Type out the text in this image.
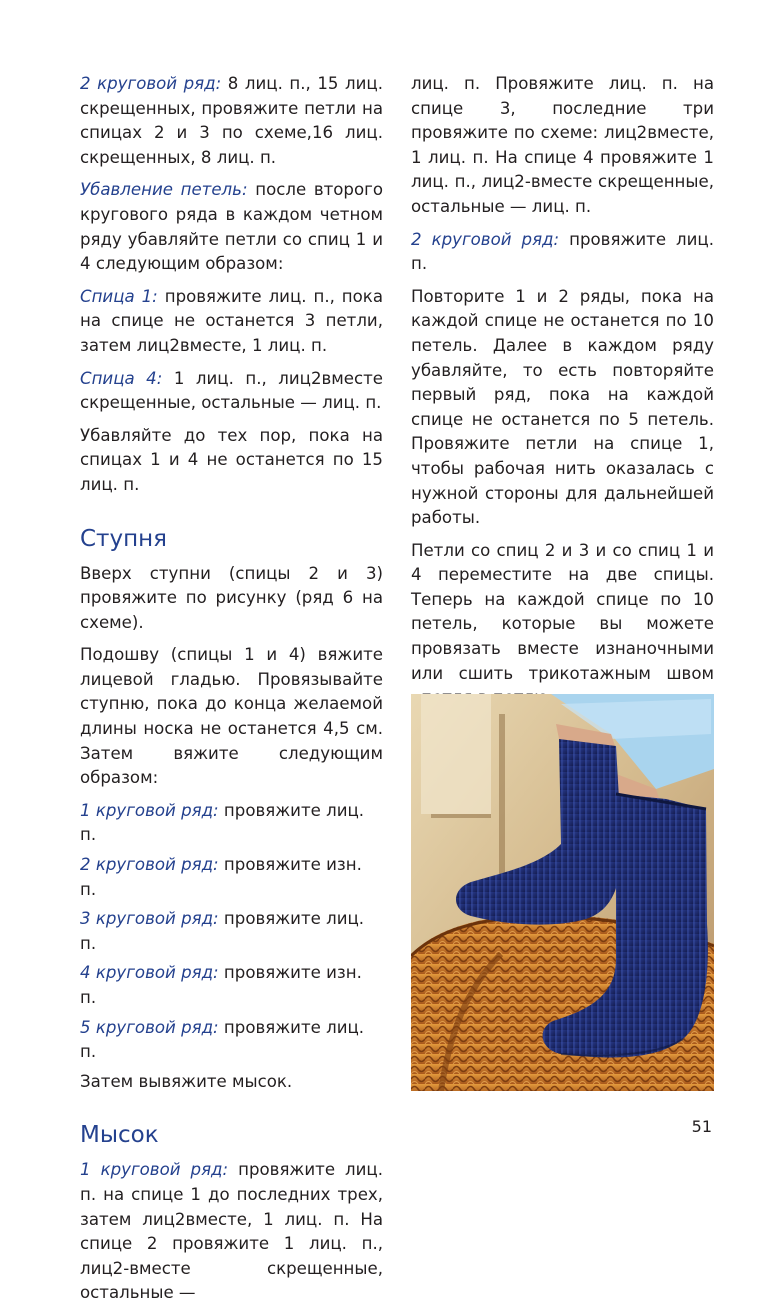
2 круговой ряд: 8 лиц. п., 15 лиц. скрещенных, провяжите петли на спицах 2 и 3 по схеме,16 лиц. скрещенных, 8 лиц. п.

Убавление петель: после второго кругового ряда в каждом четном ряду убавляйте петли со спиц 1 и 4 следующим образом:

Спица 1: провяжите лиц. п., пока на спице не останется 3 петли, затем лиц2вместе, 1 лиц. п.

Спица 4: 1 лиц. п., лиц2вместе скрещенные, остальные — лиц. п.

Убавляйте до тех пор, пока на спицах 1 и 4 не останется по 15 лиц. п.

Ступня

Вверх ступни (спицы 2 и 3) провяжите по рисунку (ряд 6 на схеме).

Подошву (спицы 1 и 4) вяжите лицевой гладью. Провязывайте ступню, пока до конца желаемой длины носка не останется 4,5 см. Затем вяжите следующим образом:

1 круговой ряд: провяжите лиц. п.

2 круговой ряд: провяжите изн. п.

3 круговой ряд: провяжите лиц. п.

4 круговой ряд: провяжите изн. п.

5 круговой ряд: провяжите лиц. п.

Затем вывяжите мысок.

Мысок

1 круговой ряд: провяжите лиц. п. на спице 1 до последних трех, затем лиц2вместе, 1 лиц. п. На спице 2 провяжите 1 лиц. п., лиц2-вместе скрещенные, остальные —

лиц. п. Провяжите лиц. п. на спице 3, последние три провяжите по схеме: лиц2вместе, 1 лиц. п. На спице 4 провяжите 1 лиц. п., лиц2-вместе скрещенные, остальные — лиц. п.

2 круговой ряд: провяжите лиц. п.

Повторите 1 и 2 ряды, пока на каждой спице не останется по 10 петель. Далее в каждом ряду убавляйте, то есть повторяйте первый ряд, пока на каждой спице не останется по 5 петель. Провяжите петли на спице 1, чтобы рабочая нить оказалась с нужной стороны для дальнейшей работы.

Петли со спиц 2 и 3 и со спиц 1 и 4 переместите на две спицы. Теперь на каждой спице по 10 петель, которые вы можете провязать вместе изнаночными или сшить трикотажным швом

51
